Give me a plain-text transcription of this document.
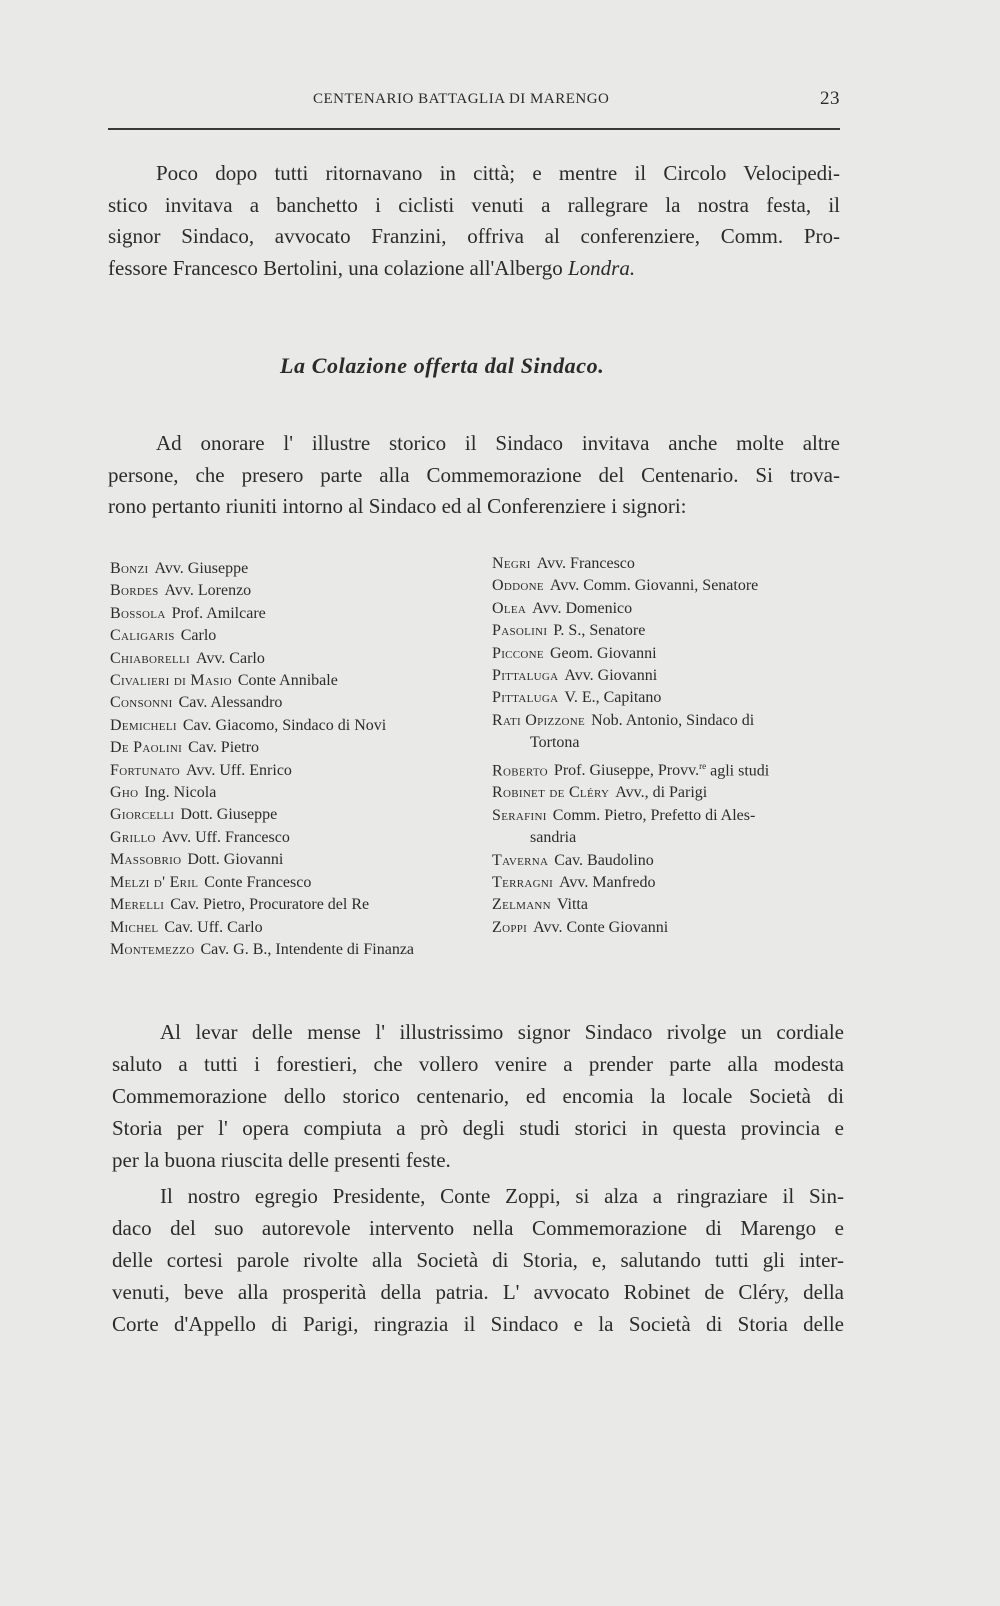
CENTENARIO BATTAGLIA DI MARENGO	23

Poco dopo tutti ritornavano in città; e mentre il Circolo Velocipedi-
stico invitava a banchetto i ciclisti venuti a rallegrare la nostra festa, il
signor Sindaco, avvocato Franzini, offriva al conferenziere, Comm. Pro-
fessore Francesco Bertolini, una colazione all'Albergo Londra.

La Colazione offerta dal Sindaco.

Ad onorare l' illustre storico il Sindaco invitava anche molte altre
persone, che presero parte alla Commemorazione del Centenario. Si trova-
rono pertanto riuniti intorno al Sindaco ed al Conferenziere i signori:

Bonzi Avv. Giuseppe
Bordes Avv. Lorenzo
Bossola Prof. Amilcare
Caligaris Carlo
Chiaborelli Avv. Carlo
Civalieri di Masio Conte Annibale
Consonni Cav. Alessandro
Demicheli Cav. Giacomo, Sindaco di Novi
De Paolini Cav. Pietro
Fortunato Avv. Uff. Enrico
Gho Ing. Nicola
Giorcelli Dott. Giuseppe
Grillo Avv. Uff. Francesco
Massobrio Dott. Giovanni
Melzi d' Eril Conte Francesco
Merelli Cav. Pietro, Procuratore del Re
Michel Cav. Uff. Carlo
Montemezzo Cav. G. B., Intendente di Finanza
Negri Avv. Francesco
Oddone Avv. Comm. Giovanni, Senatore
Olea Avv. Domenico
Pasolini P. S., Senatore
Piccone Geom. Giovanni
Pittaluga Avv. Giovanni
Pittaluga V. E., Capitano
Rati Opizzone Nob. Antonio, Sindaco di
Tortona
Roberto Prof. Giuseppe, Provv.$^{re}$ agli studi
Robinet de Cléry Avv., di Parigi
Serafini Comm. Pietro, Prefetto di Ales-
sandria
Taverna Cav. Baudolino
Terragni Avv. Manfredo
Zelmann Vitta
Zoppi Avv. Conte Giovanni

Al levar delle mense l' illustrissimo signor Sindaco rivolge un cordiale
saluto a tutti i forestieri, che vollero venire a prender parte alla modesta
Commemorazione dello storico centenario, ed encomia la locale Società di
Storia per l' opera compiuta a prò degli studi storici in questa provincia e
per la buona riuscita delle presenti feste.

Il nostro egregio Presidente, Conte Zoppi, si alza a ringraziare il Sin-
daco del suo autorevole intervento nella Commemorazione di Marengo e
delle cortesi parole rivolte alla Società di Storia, e, salutando tutti gli inter-
venuti, beve alla prosperità della patria. L' avvocato Robinet de Cléry, della
Corte d'Appello di Parigi, ringrazia il Sindaco e la Società di Storia delle
